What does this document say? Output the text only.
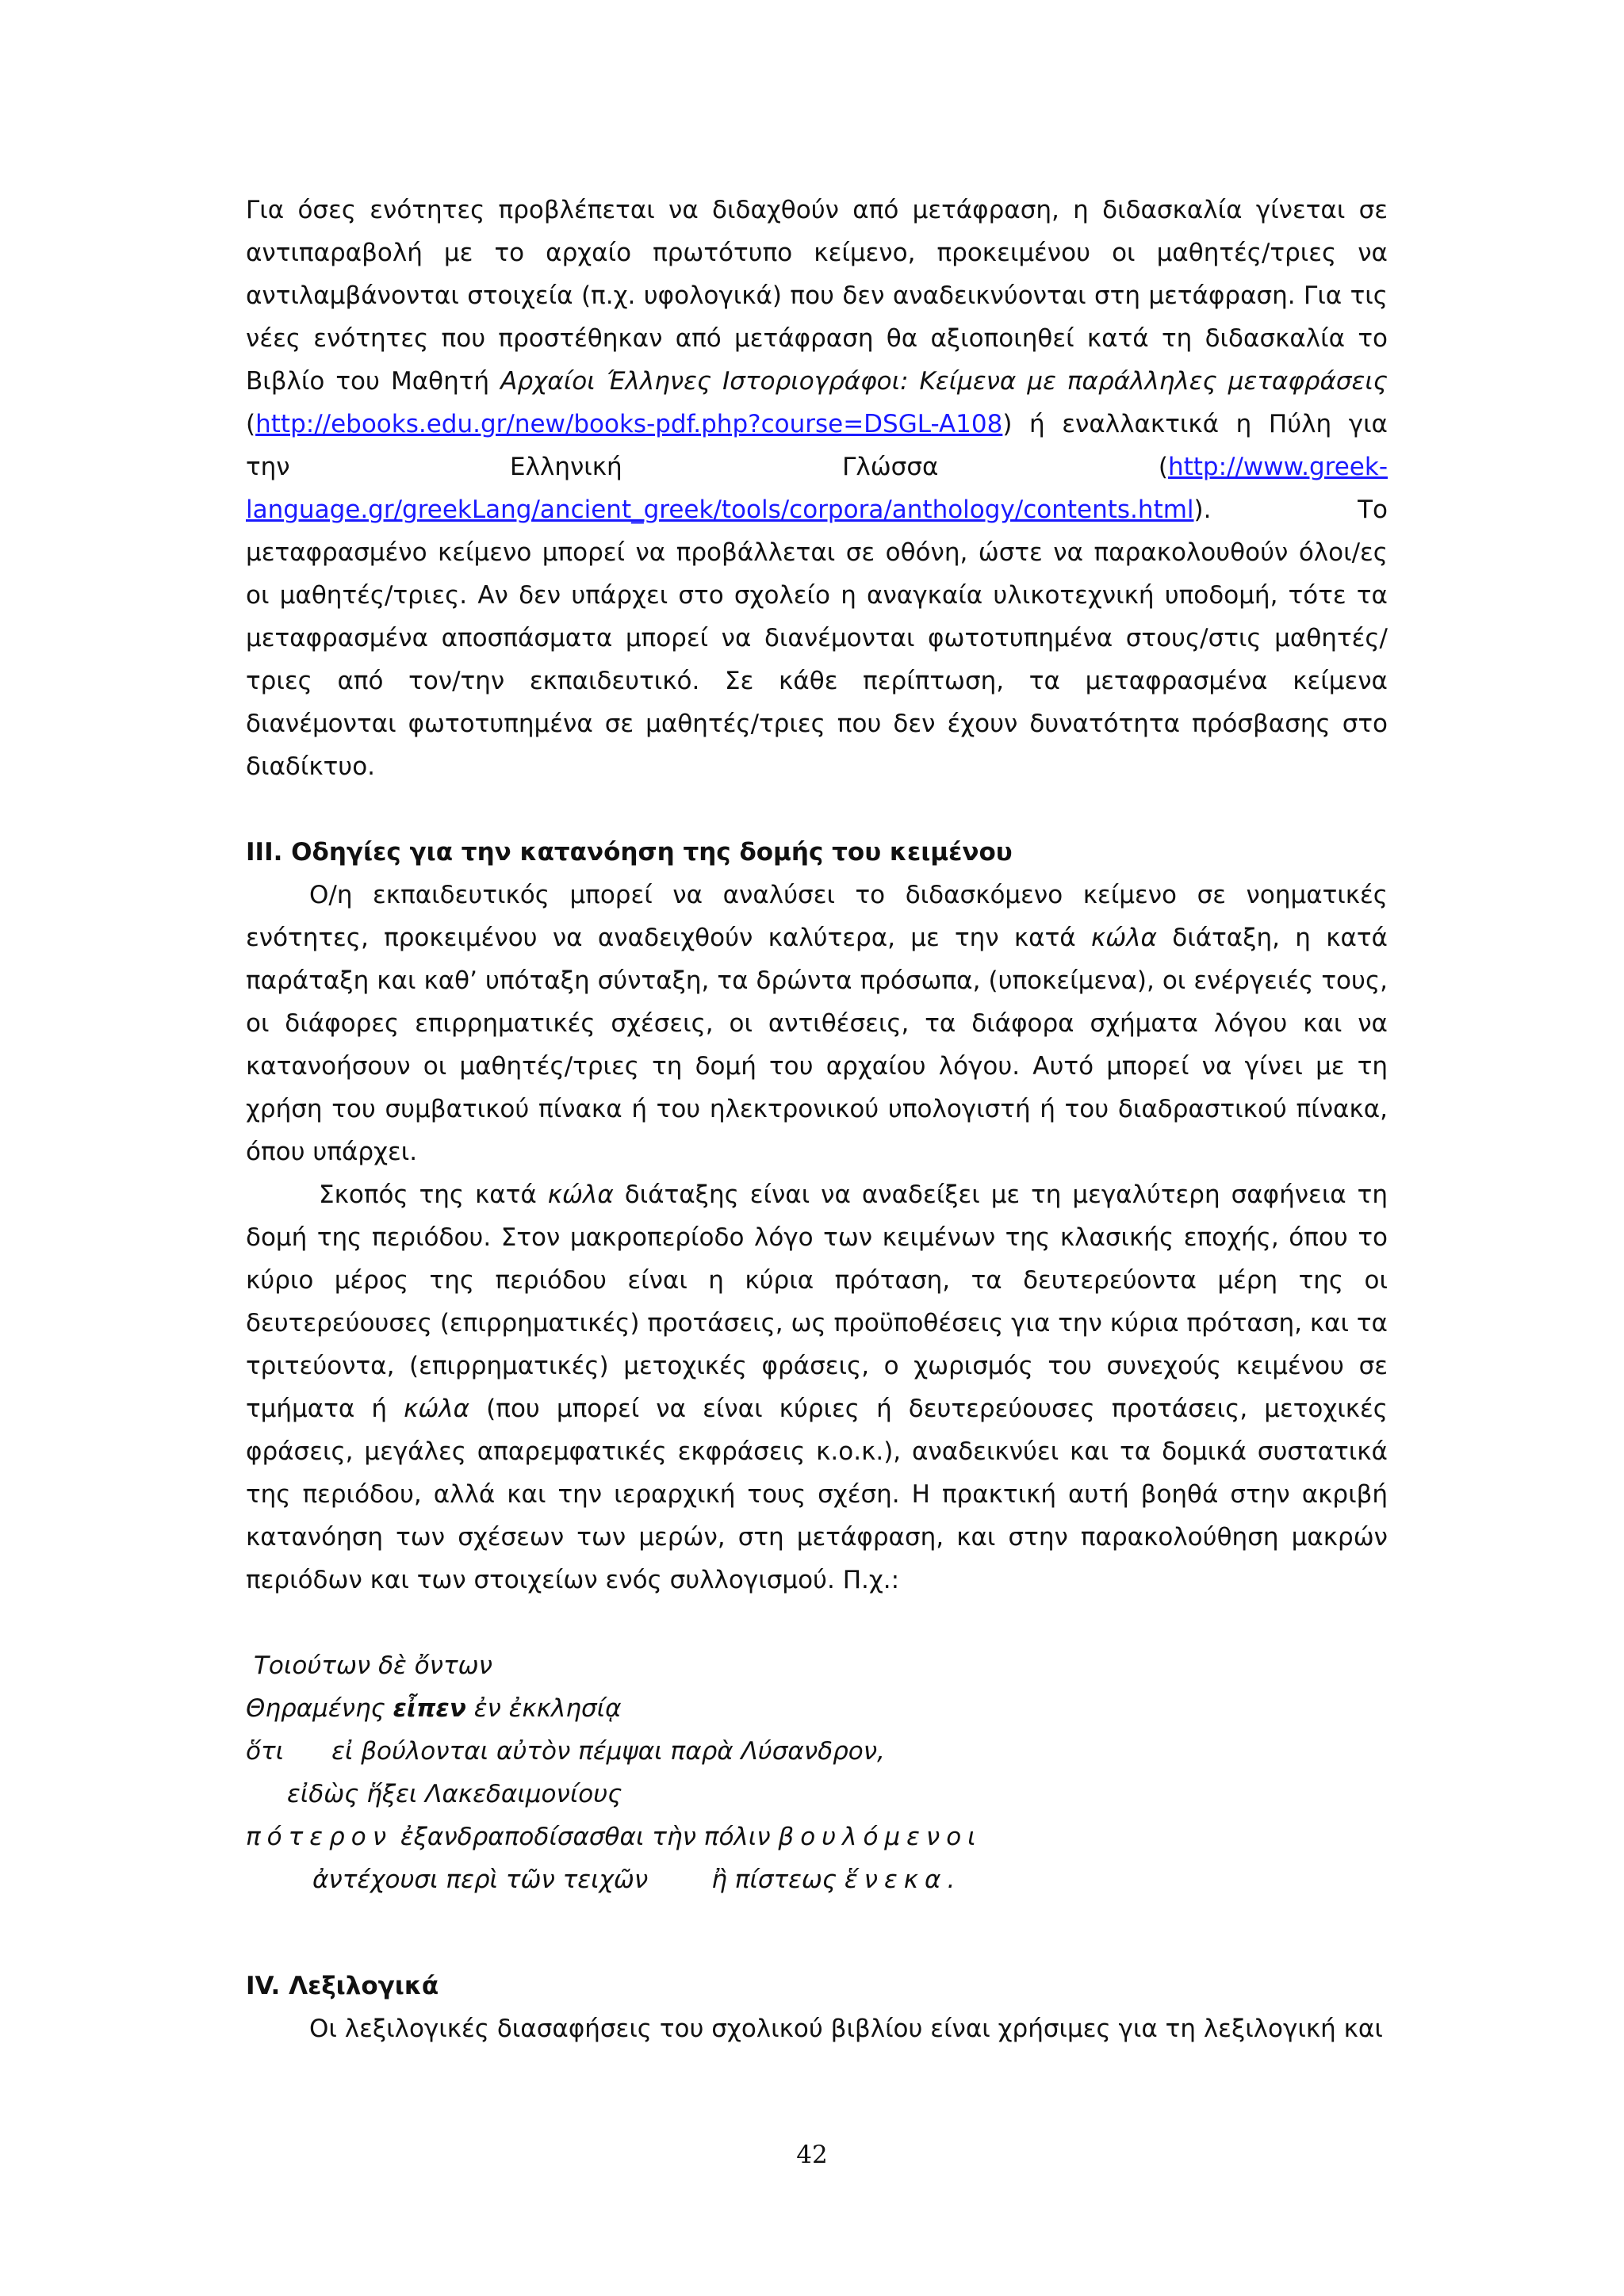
Για όσες ενότητες προβλέπεται να διδαχθούν από μετάφραση, η διδασκαλία γίνεται σε αντιπαραβολή με το αρχαίο πρωτότυπο κείμενο, προκειμένου οι μαθητές/τριες να αντιλαμβάνονται στοιχεία (π.χ. υφολογικά) που δεν αναδεικνύονται στη μετάφραση. Για τις νέες ενότητες που προστέθηκαν από μετάφραση θα αξιοποιηθεί κατά τη διδασκαλία το Βιβλίο του Μαθητή Αρχαίοι Έλληνες Ιστοριογράφοι: Κείμενα με παράλληλες μεταφράσεις (http://ebooks.edu.gr/new/books-pdf.php?course=DSGL-A108) ή εναλλακτικά η Πύλη για την Ελληνική Γλώσσα (http://www.greek-language.gr/greekLang/ancient_greek/tools/corpora/anthology/contents.html). Το μεταφρασμένο κείμενο μπορεί να προβάλλεται σε οθόνη, ώστε να παρακολουθούν όλοι/ες οι μαθητές/τριες. Αν δεν υπάρχει στο σχολείο η αναγκαία υλικοτεχνική υποδομή, τότε τα μεταφρασμένα αποσπάσματα μπορεί να διανέμονται φωτοτυπημένα στους/στις μαθητές/τριες από τον/την εκπαιδευτικό. Σε κάθε περίπτωση, τα μεταφρασμένα κείμενα διανέμονται φωτοτυπημένα σε μαθητές/τριες που δεν έχουν δυνατότητα πρόσβασης στο διαδίκτυο.

ΙΙΙ. Οδηγίες για την κατανόηση της δομής του κειμένου

Ο/η εκπαιδευτικός μπορεί να αναλύσει το διδασκόμενο κείμενο σε νοηματικές ενότητες, προκειμένου να αναδειχθούν καλύτερα, με την κατά κώλα διάταξη, η κατά παράταξη και καθ’ υπόταξη σύνταξη, τα δρώντα πρόσωπα, (υποκείμενα), οι ενέργειές τους, οι διάφορες επιρρηματικές σχέσεις, οι αντιθέσεις, τα διάφορα σχήματα λόγου και να κατανοήσουν οι μαθητές/τριες τη δομή του αρχαίου λόγου. Αυτό μπορεί να γίνει με τη χρήση του συμβατικού πίνακα ή του ηλεκτρονικού υπολογιστή ή του διαδραστικού πίνακα, όπου υπάρχει.

Σκοπός της κατά κώλα διάταξης είναι να αναδείξει με τη μεγαλύτερη σαφήνεια τη δομή της περιόδου. Στον μακροπερίοδο λόγο των κειμένων της κλασικής εποχής, όπου το κύριο μέρος της περιόδου είναι η κύρια πρόταση, τα δευτερεύοντα μέρη της οι δευτερεύουσες (επιρρηματικές) προτάσεις, ως προϋποθέσεις για την κύρια πρόταση, και τα τριτεύοντα, (επιρρηματικές) μετοχικές φράσεις, ο χωρισμός του συνεχούς κειμένου σε τμήματα ή κώλα (που μπορεί να είναι κύριες ή δευτερεύουσες προτάσεις, μετοχικές φράσεις, μεγάλες απαρεμφατικές εκφράσεις κ.ο.κ.), αναδεικνύει και τα δομικά συστατικά της περιόδου, αλλά και την ιεραρχική τους σχέση. Η πρακτική αυτή βοηθά στην ακριβή κατανόηση των σχέσεων των μερών, στη μετάφραση, και στην παρακολούθηση μακρών περιόδων και των στοιχείων ενός συλλογισμού. Π.χ.:

Τοιούτων δὲ ὄντων
Θηραμένης εἶπεν ἐν ἐκκλησίᾳ
ὅτι εἰ βούλονται αὐτὸν πέμψαι παρὰ Λύσανδρον,
εἰδὼς ἥξει Λακεδαιμονίους
πότερον ἐξανδραποδίσασθαι τὴν πόλιν βουλόμενοι
ἀντέχουσι περὶ τῶν τειχῶν	ἢ πίστεως ἕνεκα.
IV. Λεξιλογικά

Οι λεξιλογικές διασαφήσεις του σχολικού βιβλίου είναι χρήσιμες για τη λεξιλογική και

42
